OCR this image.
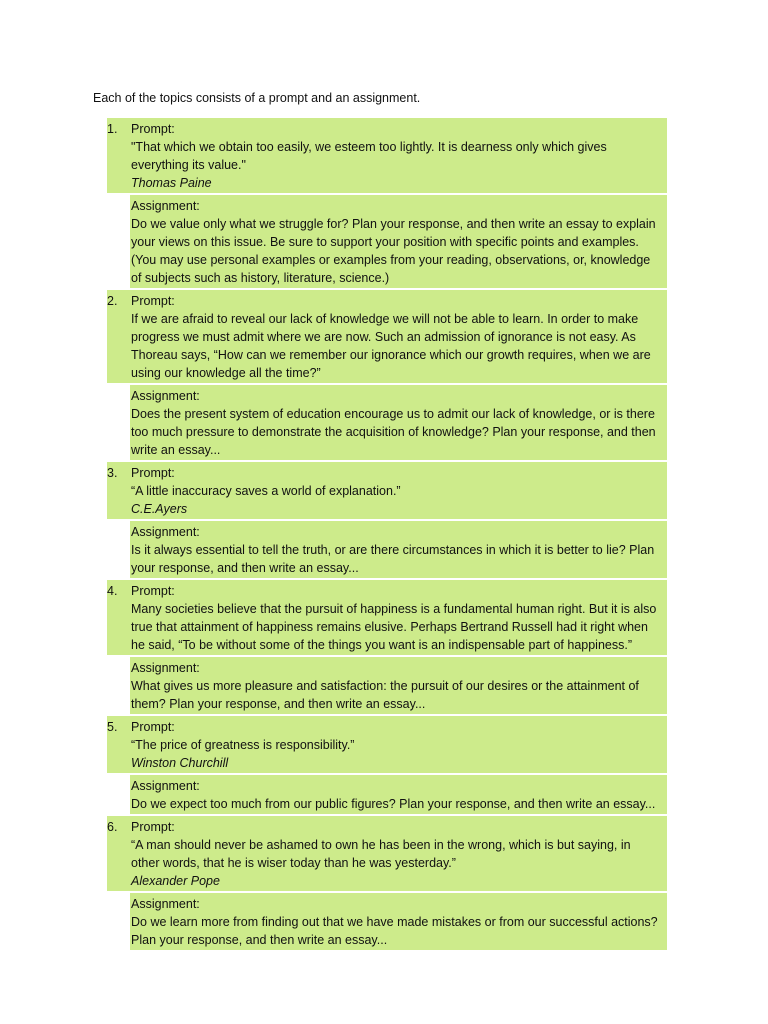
Each of the topics consists of a prompt and an assignment.
1.	Prompt:
"That which we obtain too easily, we esteem too lightly. It is dearness only which gives everything its value."
Thomas Paine
Assignment:
Do we value only what we struggle for? Plan your response, and then write an essay to explain your views on this issue. Be sure to support your position with specific points and examples. (You may use personal examples or examples from your reading, observations, or, knowledge of subjects such as history, literature, science.)
2.	Prompt:
If we are afraid to reveal our lack of knowledge we will not be able to learn. In order to make progress we must admit where we are now. Such an admission of ignorance is not easy. As Thoreau says, “How can we remember our ignorance which our growth requires, when we are using our knowledge all the time?”
Assignment:
Does the present system of education encourage us to admit our lack of knowledge, or is there too much pressure to demonstrate the acquisition of knowledge? Plan your response, and then write an essay...
3.	Prompt:
“A little inaccuracy saves a world of explanation.”
C.E.Ayers
Assignment:
Is it always essential to tell the truth, or are there circumstances in which it is better to lie? Plan your response, and then write an essay...
4.	Prompt:
Many societies believe that the pursuit of happiness is a fundamental human right. But it is also true that attainment of happiness remains elusive. Perhaps Bertrand Russell had it right when he said, “To be without some of the things you want is an indispensable part of happiness.”
Assignment:
What gives us more pleasure and satisfaction: the pursuit of our desires or the attainment of them? Plan your response, and then write an essay...
5.	Prompt:
“The price of greatness is responsibility.”
Winston Churchill
Assignment:
Do we expect too much from our public figures? Plan your response, and then write an essay...
6.	Prompt:
“A man should never be ashamed to own he has been in the wrong, which is but saying, in other words, that he is wiser today than he was yesterday.”
Alexander Pope
Assignment:
Do we learn more from finding out that we have made mistakes or from our successful actions? Plan your response, and then write an essay...
